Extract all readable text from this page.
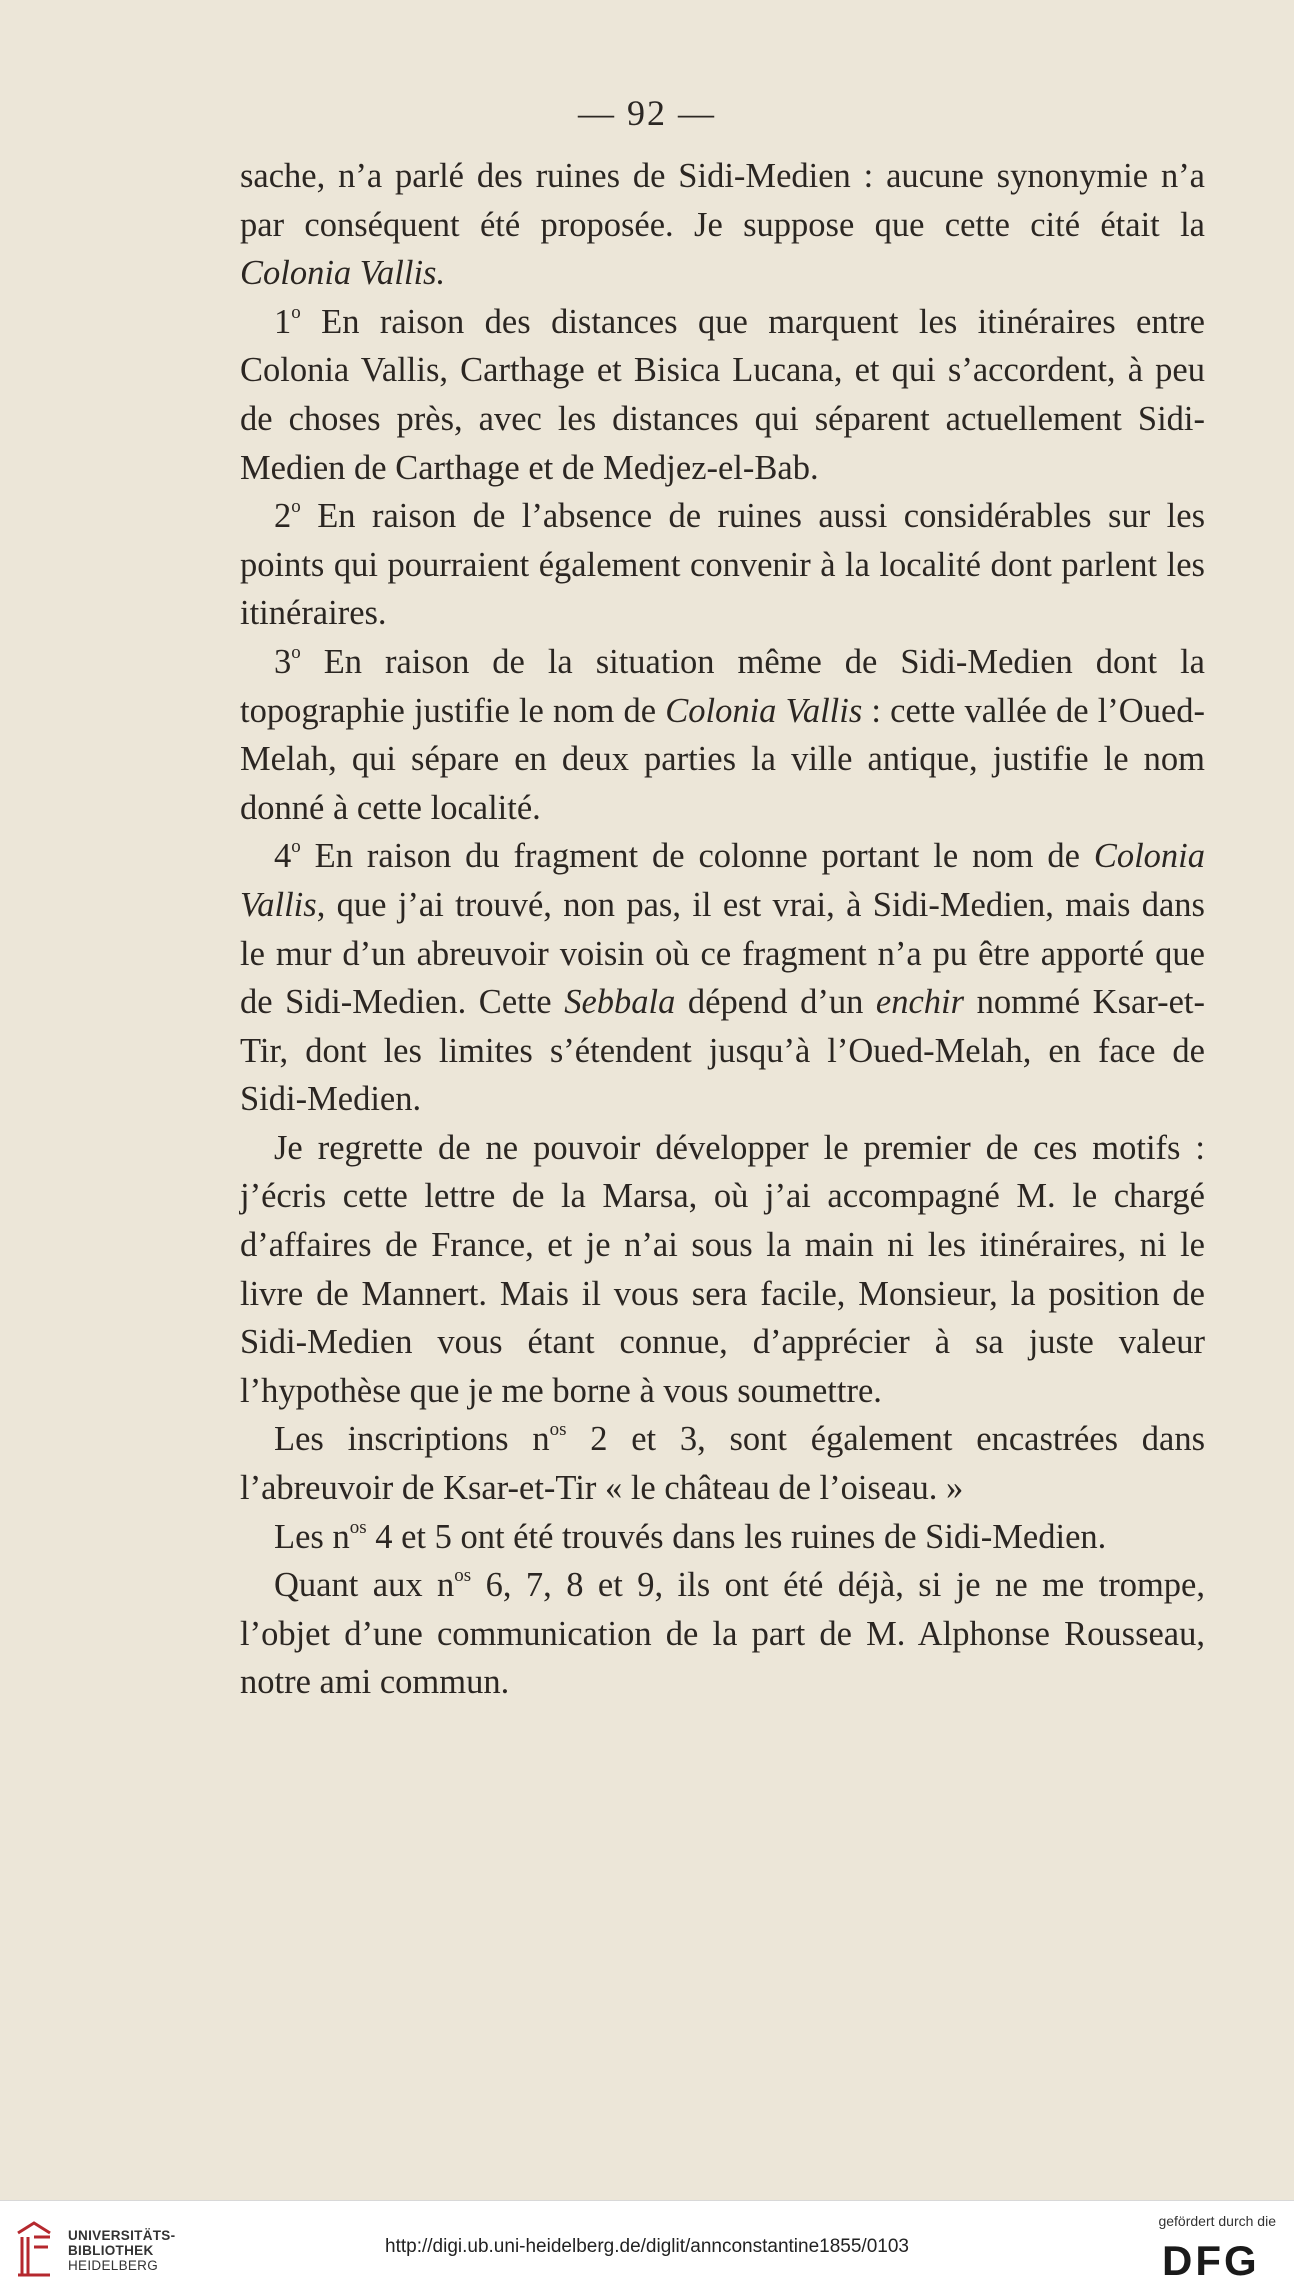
— 92 —

sache, n’a parlé des ruines de Sidi-Medien : aucune synonymie n’a par conséquent été proposée. Je suppose que cette cité était la Colonia Vallis.

1$^o$ En raison des distances que marquent les itinéraires entre Colonia Vallis, Carthage et Bisica Lucana, et qui s’accordent, à peu de choses près, avec les distances qui séparent actuellement Sidi-Medien de Carthage et de Medjez-el-Bab.

2$^o$ En raison de l’absence de ruines aussi considérables sur les points qui pourraient également convenir à la localité dont parlent les itinéraires.

3$^o$ En raison de la situation même de Sidi-Medien dont la topographie justifie le nom de Colonia Vallis : cette vallée de l’Oued-Melah, qui sépare en deux parties la ville antique, justifie le nom donné à cette localité.

4$^o$ En raison du fragment de colonne portant le nom de Colonia Vallis, que j’ai trouvé, non pas, il est vrai, à Sidi-Medien, mais dans le mur d’un abreuvoir voisin où ce fragment n’a pu être apporté que de Sidi-Medien. Cette Sebbala dépend d’un enchir nommé Ksar-et-Tir, dont les limites s’étendent jusqu’à l’Oued-Melah, en face de Sidi-Medien.

Je regrette de ne pouvoir développer le premier de ces motifs : j’écris cette lettre de la Marsa, où j’ai accompagné M. le chargé d’affaires de France, et je n’ai sous la main ni les itinéraires, ni le livre de Mannert. Mais il vous sera facile, Monsieur, la position de Sidi-Medien vous étant connue, d’apprécier à sa juste valeur l’hypothèse que je me borne à vous soumettre.

Les inscriptions $n^{os}$ 2 et 3, sont également encastrées dans l’abreuvoir de Ksar-et-Tir « le château de l’oiseau. »

Les $n^{os}$ 4 et 5 ont été trouvés dans les ruines de Sidi-Medien.

Quant aux $n^{os}$ 6, 7, 8 et 9, ils ont été déjà, si je ne me trompe, l’objet d’une communication de la part de M. Alphonse Rousseau, notre ami commun.

UNIVERSITÄTS-
BIBLIOTHEK
HEIDELBERG
http://digi.ub.uni-heidelberg.de/diglit/annconstantine1855/0103
gefördert durch die
DFG
